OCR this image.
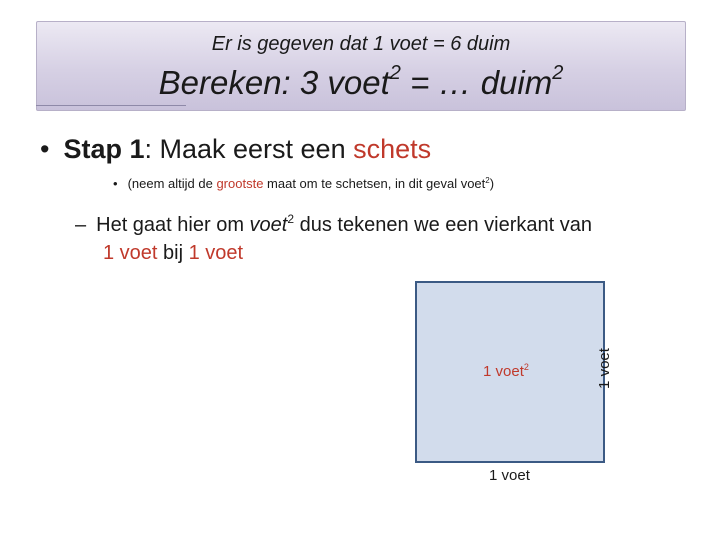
Er is gegeven dat 1 voet = 6 duim
Bereken: 3 voet$^2$ = … duim$^2$
• Stap 1: Maak eerst een schets
• (neem altijd de grootste maat om te schetsen, in dit geval voet$^2$)
– Het gaat hier om voet$^2$ dus tekenen we een vierkant van
1 voet bij 1 voet
1 voet$^2$
1 voet
1 voet
